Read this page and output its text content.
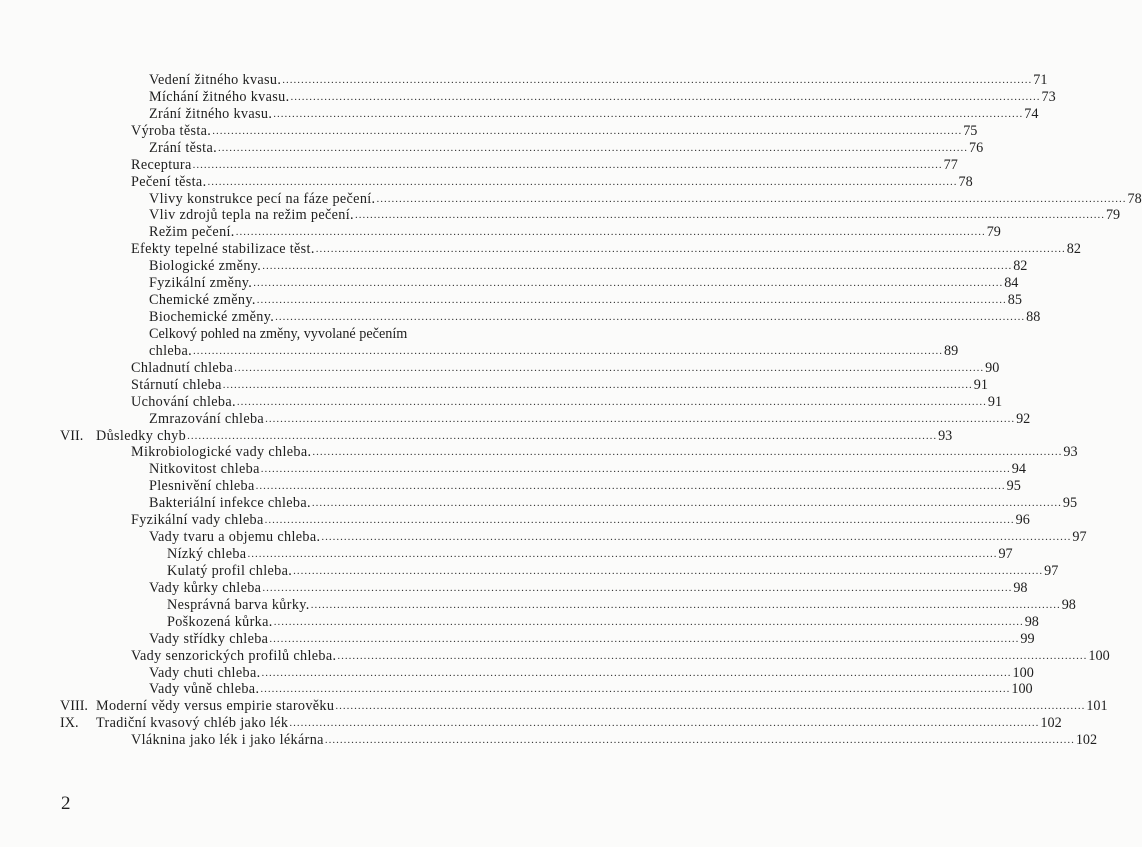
Vedení žitného kvasu. ........................................................................................................................................................................................................ 71
Míchání žitného kvasu. ........................................................................................................................................................................................................ 73
Zrání žitného kvasu. ........................................................................................................................................................................................................ 74
Výroba těsta. ........................................................................................................................................................................................................ 75
Zrání těsta. ........................................................................................................................................................................................................ 76
Receptura ........................................................................................................................................................................................................ 77
Pečení těsta. ........................................................................................................................................................................................................ 78
Vlivy konstrukce pecí na fáze pečení. ........................................................................................................................................................................................................ 78
Vliv zdrojů tepla na režim pečení. ........................................................................................................................................................................................................ 79
Režim pečení. ........................................................................................................................................................................................................ 79
Efekty tepelné stabilizace těst. ........................................................................................................................................................................................................ 82
Biologické změny. ........................................................................................................................................................................................................ 82
Fyzikální změny. ........................................................................................................................................................................................................ 84
Chemické změny. ........................................................................................................................................................................................................ 85
Biochemické změny. ........................................................................................................................................................................................................ 88
Celkový pohled na změny, vyvolané pečením
chleba. ........................................................................................................................................................................................................ 89
Chladnutí chleba ........................................................................................................................................................................................................ 90
Stárnutí chleba ........................................................................................................................................................................................................ 91
Uchování chleba. ........................................................................................................................................................................................................ 91
Zmrazování chleba ........................................................................................................................................................................................................ 92
VII. Důsledky chyb ........................................................................................................................................................................................................ 93
Mikrobiologické vady chleba. ........................................................................................................................................................................................................ 93
Nitkovitost chleba ........................................................................................................................................................................................................ 94
Plesnivění chleba ........................................................................................................................................................................................................ 95
Bakteriální infekce chleba. ........................................................................................................................................................................................................ 95
Fyzikální vady chleba ........................................................................................................................................................................................................ 96
Vady tvaru a objemu chleba. ........................................................................................................................................................................................................ 97
Nízký chleba ........................................................................................................................................................................................................ 97
Kulatý profil chleba. ........................................................................................................................................................................................................ 97
Vady kůrky chleba ........................................................................................................................................................................................................ 98
Nesprávná barva kůrky. ........................................................................................................................................................................................................ 98
Poškozená kůrka. ........................................................................................................................................................................................................ 98
Vady střídky chleba ........................................................................................................................................................................................................ 99
Vady senzorických profilů chleba. ........................................................................................................................................................................................................ 100
Vady chuti chleba. ........................................................................................................................................................................................................ 100
Vady vůně chleba. ........................................................................................................................................................................................................ 100
VIII. Moderní vědy versus empirie starověku ........................................................................................................................................................................................................ 101
IX. Tradiční kvasový chléb jako lék ........................................................................................................................................................................................................ 102
Vláknina jako lék i jako lékárna ........................................................................................................................................................................................................ 102
2
